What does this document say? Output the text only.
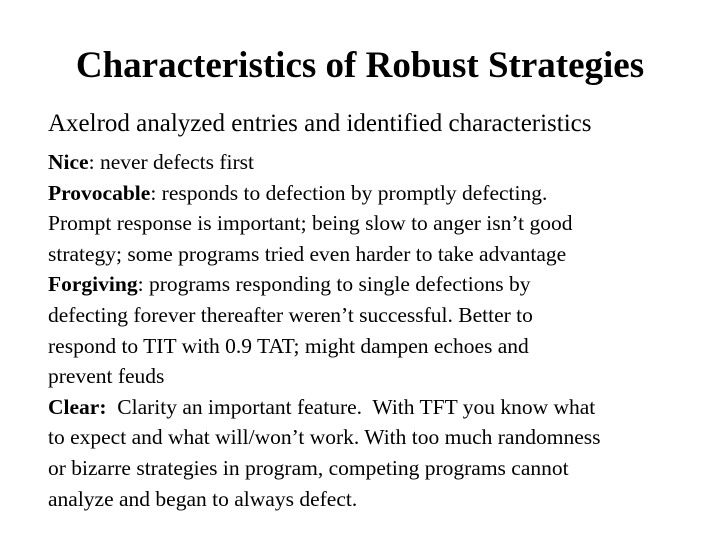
Characteristics of Robust Strategies
Axelrod analyzed entries and identified characteristics
Nice: never defects first
Provocable: responds to defection by promptly defecting.
Prompt response is important; being slow to anger isn’t good
strategy; some programs tried even harder to take advantage
Forgiving: programs responding to single defections by
defecting forever thereafter weren’t successful. Better to
respond to TIT with 0.9 TAT; might dampen echoes and
prevent feuds
Clear:  Clarity an important feature.  With TFT you know what
to expect and what will/won’t work. With too much randomness
or bizarre strategies in program, competing programs cannot
analyze and began to always defect.
